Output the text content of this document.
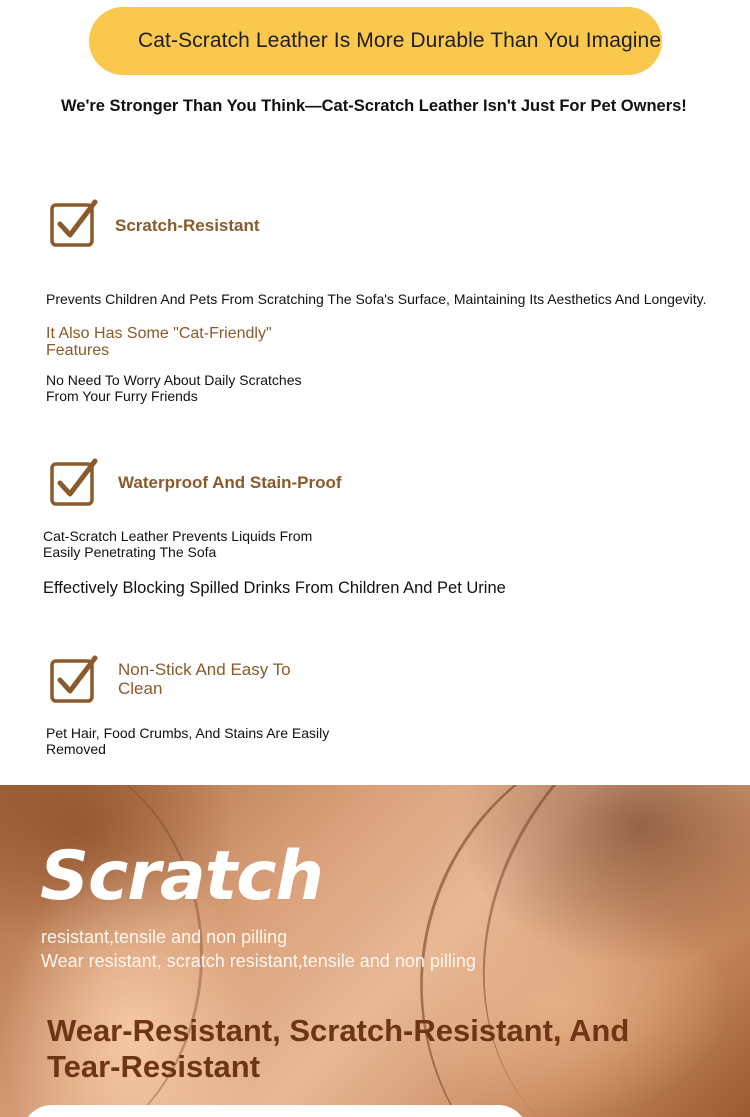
Cat-Scratch Leather Is More Durable Than You Imagine
We're Stronger Than You Think—Cat-Scratch Leather Isn't Just For Pet Owners!
Scratch-Resistant
Prevents Children And Pets From Scratching The Sofa's Surface, Maintaining Its Aesthetics And Longevity.
It Also Has Some "Cat-Friendly" Features
No Need To Worry About Daily Scratches From Your Furry Friends
Waterproof And Stain-Proof
Cat-Scratch Leather Prevents Liquids From Easily Penetrating The Sofa
Effectively Blocking Spilled Drinks From Children And Pet Urine
Non-Stick And Easy To Clean
Pet Hair, Food Crumbs, And Stains Are Easily Removed
Scratch
resistant,tensile and non pilling
Wear resistant, scratch resistant,tensile and non pilling
Wear-Resistant, Scratch-Resistant, And Tear-Resistant
